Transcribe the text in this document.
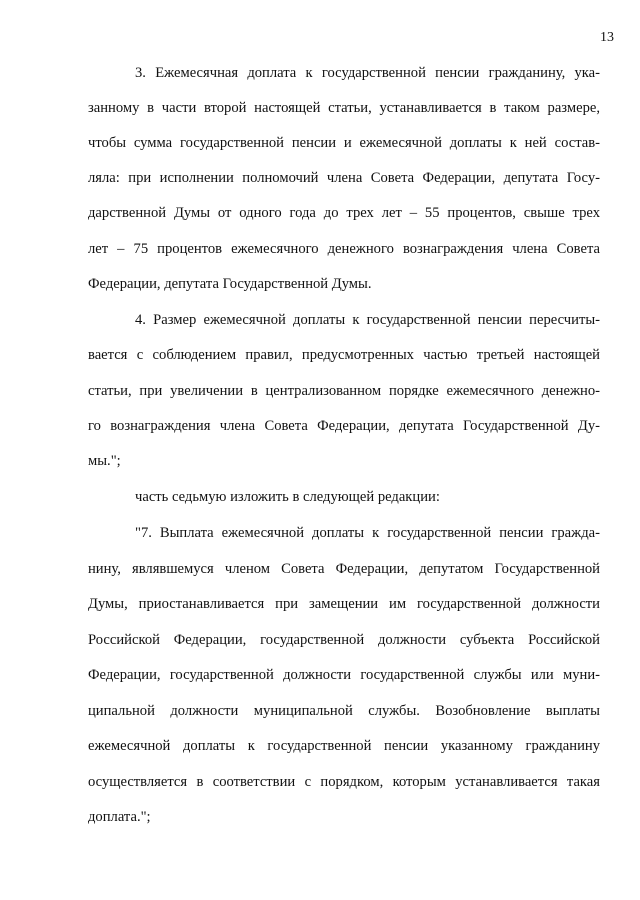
13
3. Ежемесячная доплата к государственной пенсии гражданину, ука-
занному в части второй настоящей статьи, устанавливается в таком размере,
чтобы сумма государственной пенсии и ежемесячной доплаты к ней состав-
ляла: при исполнении полномочий члена Совета Федерации, депутата Госу-
дарственной Думы от одного года до трех лет – 55 процентов, свыше трех
лет – 75 процентов ежемесячного денежного вознаграждения члена Совета
Федерации, депутата Государственной Думы.
4. Размер ежемесячной доплаты к государственной пенсии пересчиты-
вается с соблюдением правил, предусмотренных частью третьей настоящей
статьи, при увеличении в централизованном порядке ежемесячного денежно-
го вознаграждения члена Совета Федерации, депутата Государственной Ду-
мы.";
часть седьмую изложить в следующей редакции:
"7. Выплата ежемесячной доплаты к государственной пенсии гражда-
нину, являвшемуся членом Совета Федерации, депутатом Государственной
Думы, приостанавливается при замещении им государственной должности
Российской Федерации, государственной должности субъекта Российской
Федерации, государственной должности государственной службы или муни-
ципальной должности муниципальной службы. Возобновление выплаты
ежемесячной доплаты к государственной пенсии указанному гражданину
осуществляется в соответствии с порядком, которым устанавливается такая
доплата.";
